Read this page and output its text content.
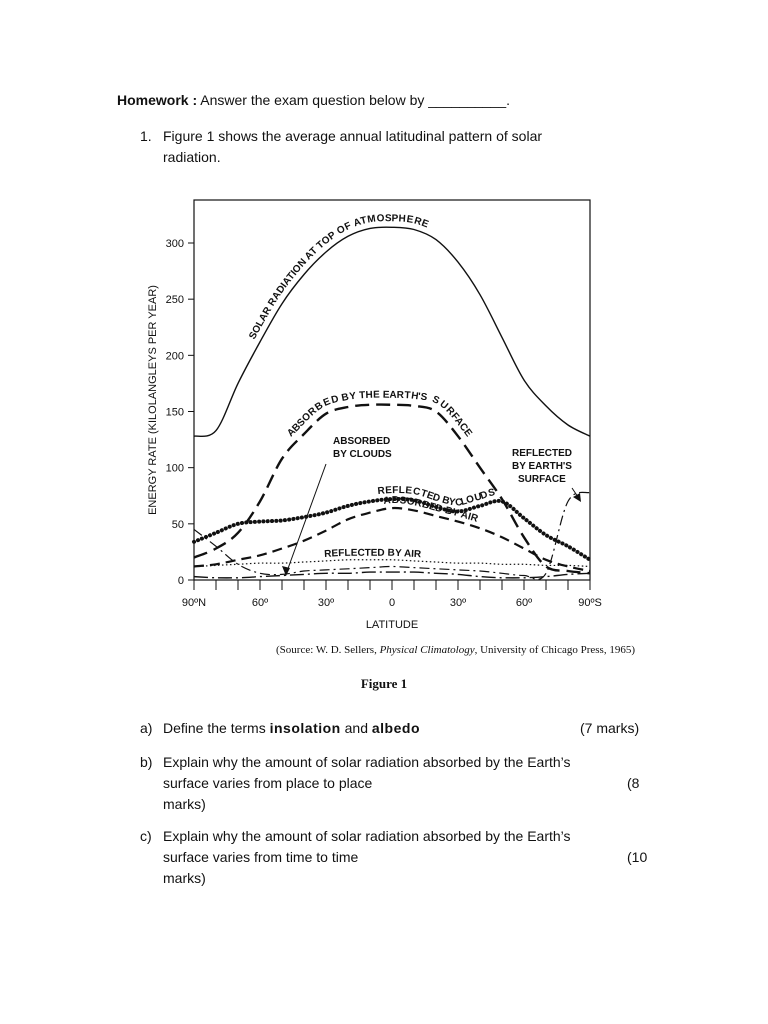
Homework : Answer the exam question below by __________.
1. Figure 1 shows the average annual latitudinal pattern of solar radiation.
0
50
100
150
200
250
300
90ºN	60º	30º	0	30º	60º	90ºS
LATITUDE
ENERGY RATE (KILOLANGLEYS PER YEAR)	SOLAR RADIATION AT TOP OF ATMOSPHERE
ABSORBED BY THE EARTH'S SURFACE
REFLECTED BY CLOUDS
ABSORBED BY AIR
REFLECTED BY AIR
ABSORBED
BY CLOUDS	REFLECTED
BY EARTH'S
SURFACE
(Source: W. D. Sellers, Physical Climatology, University of Chicago Press, 1965)
Figure 1
a) Define the terms insolation and albedo	(7 marks)
b) Explain why the amount of solar radiation absorbed by the Earth’s
surface varies from place to place	(8
marks)
c) Explain why the amount of solar radiation absorbed by the Earth’s
surface varies from time to time	(10
marks)
